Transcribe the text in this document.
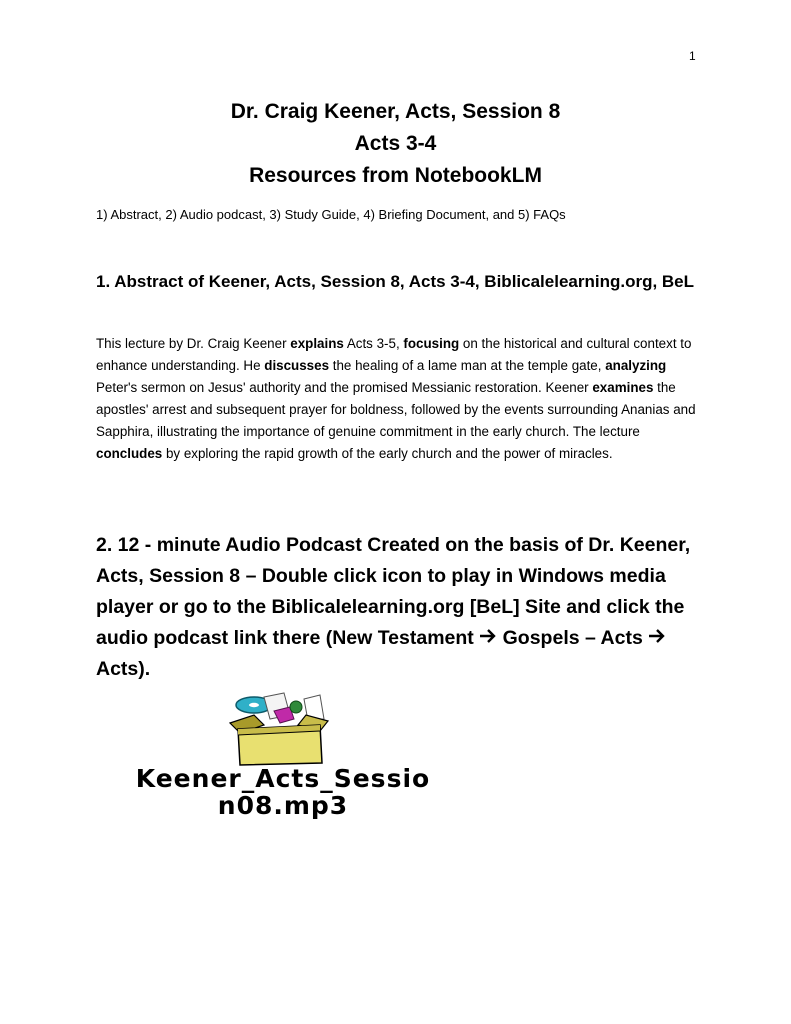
1
Dr. Craig Keener, Acts, Session 8
Acts 3-4
Resources from NotebookLM
1) Abstract, 2) Audio podcast, 3) Study Guide, 4) Briefing Document, and 5) FAQs
1. Abstract of Keener, Acts, Session 8, Acts 3-4, Biblicalelearning.org, BeL
This lecture by Dr. Craig Keener explains Acts 3-5, focusing on the historical and cultural context to enhance understanding. He discusses the healing of a lame man at the temple gate, analyzing Peter's sermon on Jesus' authority and the promised Messianic restoration. Keener examines the apostles' arrest and subsequent prayer for boldness, followed by the events surrounding Ananias and Sapphira, illustrating the importance of genuine commitment in the early church. The lecture concludes by exploring the rapid growth of the early church and the power of miracles.
2. 12 - minute Audio Podcast Created on the basis of Dr. Keener, Acts, Session 8 – Double click icon to play in Windows media player or go to the Biblicalelearning.org [BeL] Site and click the audio podcast link there (New Testament  Gospels – Acts  Acts).
Keener_Acts_Sessio
n08.mp3
